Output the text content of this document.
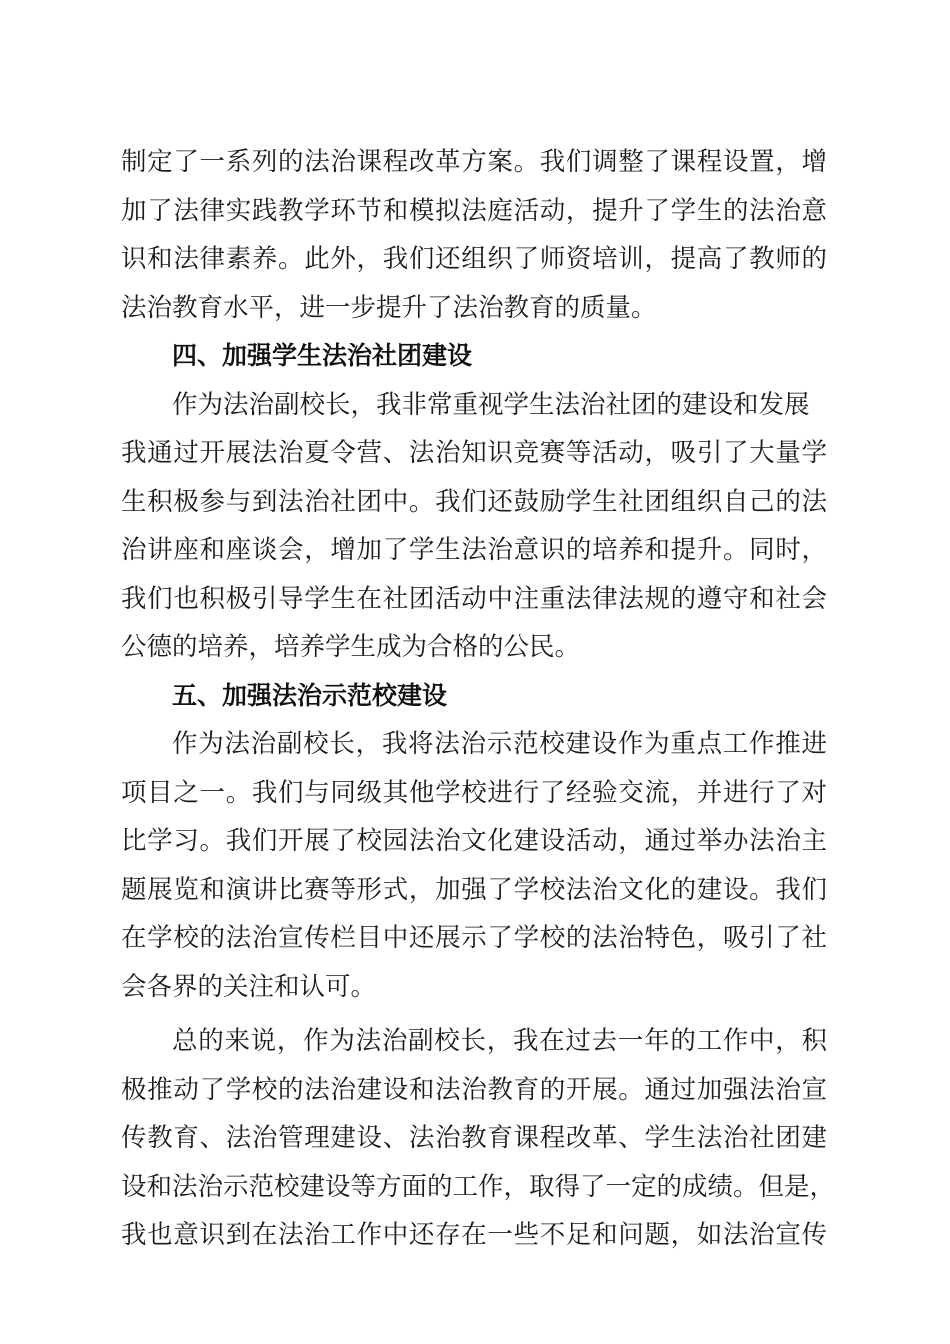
制定了一系列的法治课程改革方案。我们调整了课程设置，增
加了法律实践教学环节和模拟法庭活动，提升了学生的法治意
识和法律素养。此外，我们还组织了师资培训，提高了教师的
法治教育水平，进一步提升了法治教育的质量。
四、加强学生法治社团建设
作为法治副校长，我非常重视学生法治社团的建设和发展
我通过开展法治夏令营、法治知识竞赛等活动，吸引了大量学
生积极参与到法治社团中。我们还鼓励学生社团组织自己的法
治讲座和座谈会，增加了学生法治意识的培养和提升。同时，
我们也积极引导学生在社团活动中注重法律法规的遵守和社会
公德的培养，培养学生成为合格的公民。
五、加强法治示范校建设
作为法治副校长，我将法治示范校建设作为重点工作推进
项目之一。我们与同级其他学校进行了经验交流，并进行了对
比学习。我们开展了校园法治文化建设活动，通过举办法治主
题展览和演讲比赛等形式，加强了学校法治文化的建设。我们
在学校的法治宣传栏目中还展示了学校的法治特色，吸引了社
会各界的关注和认可。
总的来说，作为法治副校长，我在过去一年的工作中，积
极推动了学校的法治建设和法治教育的开展。通过加强法治宣
传教育、法治管理建设、法治教育课程改革、学生法治社团建
设和法治示范校建设等方面的工作，取得了一定的成绩。但是，
我也意识到在法治工作中还存在一些不足和问题，如法治宣传
